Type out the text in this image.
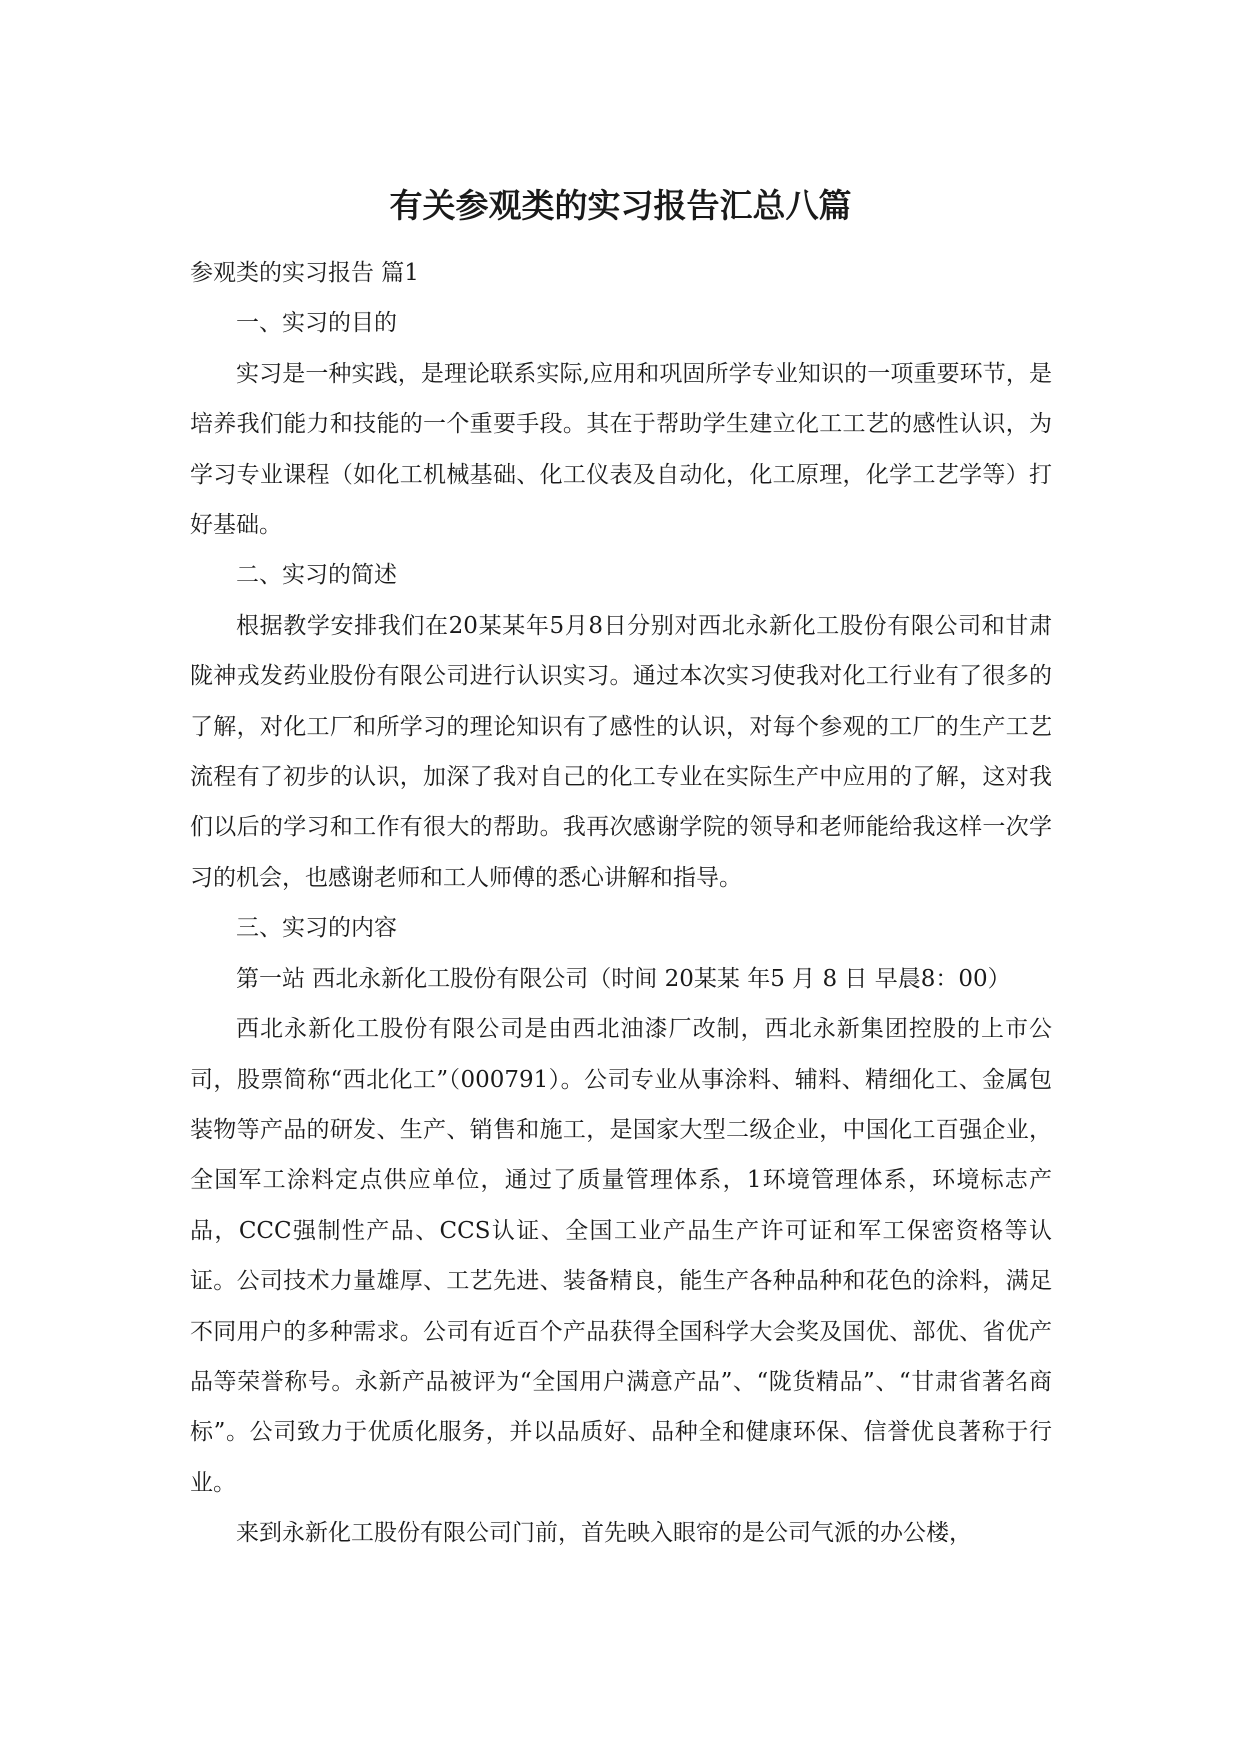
有关参观类的实习报告汇总八篇

参观类的实习报告 篇1

一、实习的目的

实习是一种实践，是理论联系实际,应用和巩固所学专业知识的一项重要环节，是培养我们能力和技能的一个重要手段。其在于帮助学生建立化工工艺的感性认识，为学习专业课程（如化工机械基础、化工仪表及自动化，化工原理，化学工艺学等）打好基础。

二、实习的简述

根据教学安排我们在20某某年5月8日分别对西北永新化工股份有限公司和甘肃陇神戎发药业股份有限公司进行认识实习。通过本次实习使我对化工行业有了很多的了解，对化工厂和所学习的理论知识有了感性的认识，对每个参观的工厂的生产工艺流程有了初步的认识，加深了我对自己的化工专业在实际生产中应用的了解，这对我们以后的学习和工作有很大的帮助。我再次感谢学院的领导和老师能给我这样一次学习的机会，也感谢老师和工人师傅的悉心讲解和指导。

三、实习的内容

第一站 西北永新化工股份有限公司（时间 20某某 年5 月 8 日 早晨8：00）

西北永新化工股份有限公司是由西北油漆厂改制，西北永新集团控股的上市公司，股票简称“西北化工”（000791）。公司专业从事涂料、辅料、精细化工、金属包装物等产品的研发、生产、销售和施工，是国家大型二级企业，中国化工百强企业，全国军工涂料定点供应单位，通过了质量管理体系，1环境管理体系，环境标志产品，CCC强制性产品、CCS认证、全国工业产品生产许可证和军工保密资格等认证。公司技术力量雄厚、工艺先进、装备精良，能生产各种品种和花色的涂料，满足不同用户的多种需求。公司有近百个产品获得全国科学大会奖及国优、部优、省优产品等荣誉称号。永新产品被评为“全国用户满意产品”、“陇货精品”、“甘肃省著名商标”。公司致力于优质化服务，并以品质好、品种全和健康环保、信誉优良著称于行业。

来到永新化工股份有限公司门前，首先映入眼帘的是公司气派的办公楼，
